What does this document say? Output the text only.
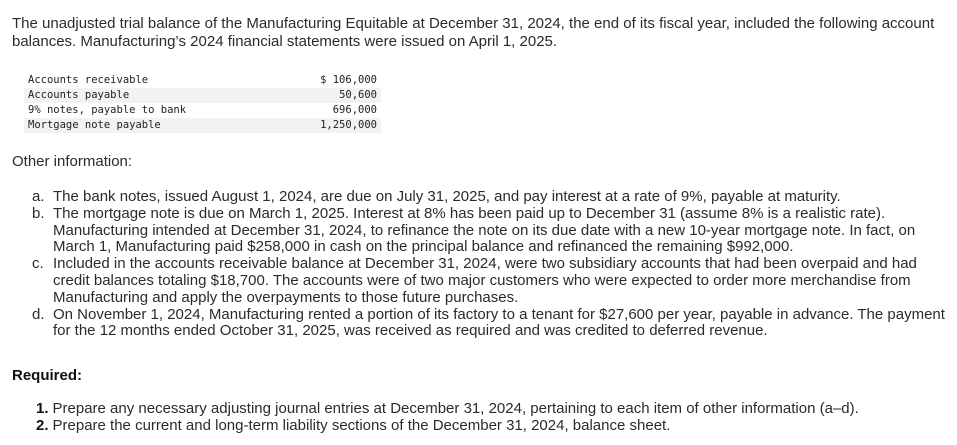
The unadjusted trial balance of the Manufacturing Equitable at December 31, 2024, the end of its fiscal year, included the following account balances. Manufacturing’s 2024 financial statements were issued on April 1, 2025.
Accounts receivable	$ 106,000
Accounts payable	50,600
9% notes, payable to bank	696,000
Mortgage note payable	1,250,000
Other information:
a. The bank notes, issued August 1, 2024, are due on July 31, 2025, and pay interest at a rate of 9%, payable at maturity.
b. The mortgage note is due on March 1, 2025. Interest at 8% has been paid up to December 31 (assume 8% is a realistic rate). Manufacturing intended at December 31, 2024, to refinance the note on its due date with a new 10-year mortgage note. In fact, on March 1, Manufacturing paid $258,000 in cash on the principal balance and refinanced the remaining $992,000.
c. Included in the accounts receivable balance at December 31, 2024, were two subsidiary accounts that had been overpaid and had credit balances totaling $18,700. The accounts were of two major customers who were expected to order more merchandise from Manufacturing and apply the overpayments to those future purchases.
d. On November 1, 2024, Manufacturing rented a portion of its factory to a tenant for $27,600 per year, payable in advance. The payment for the 12 months ended October 31, 2025, was received as required and was credited to deferred revenue.
Required:
1. Prepare any necessary adjusting journal entries at December 31, 2024, pertaining to each item of other information (a–d).
2. Prepare the current and long-term liability sections of the December 31, 2024, balance sheet.
